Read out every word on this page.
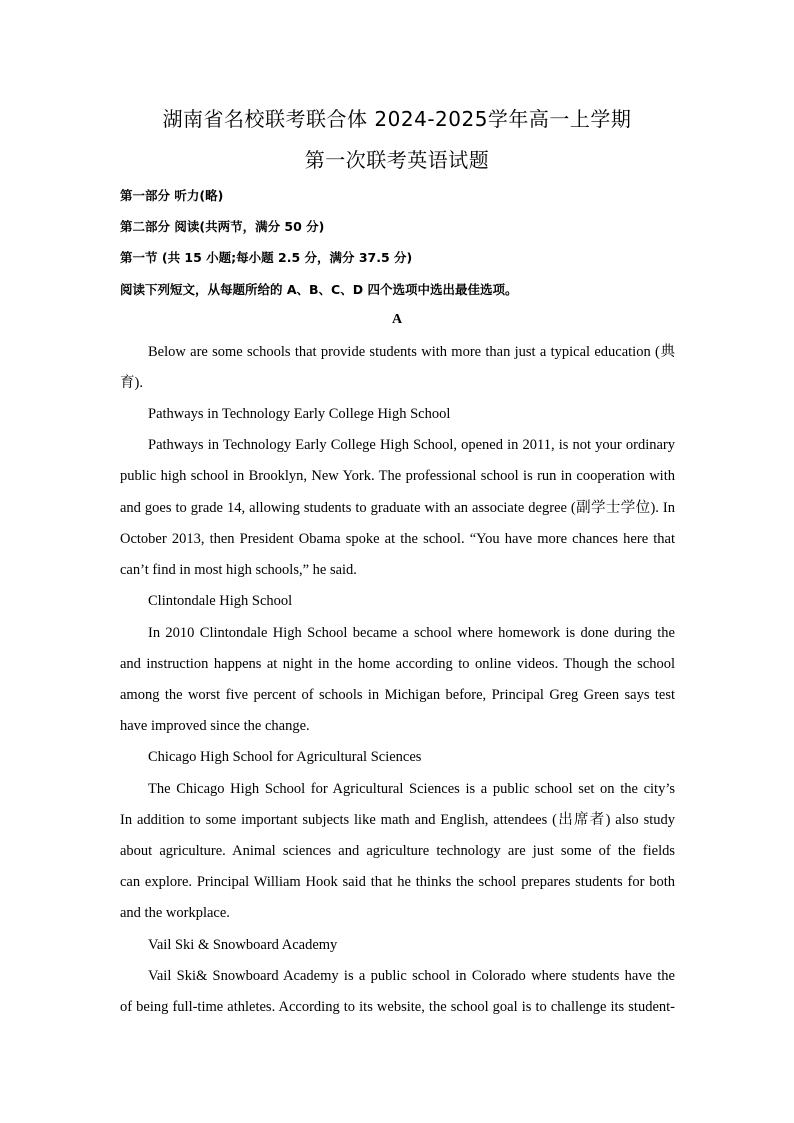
湖南省名校联考联合体 2024-2025学年高一上学期
第一次联考英语试题
第一部分 听力(略)
第二部分 阅读(共两节，满分 50 分)
第一节 (共 15 小题;每小题 2.5 分，满分 37.5 分)
阅读下列短文，从每题所给的 A、B、C、D 四个选项中选出最佳选项。
A
Below are some schools that provide students with more than just a typical education (典
育).
Pathways in Technology Early College High School
Pathways in Technology Early College High School, opened in 2011, is not your ordinary
public high school in Brooklyn, New York. The professional school is run in cooperation with
and goes to grade 14, allowing students to graduate with an associate degree (副学士学位). In
October 2013, then President Obama spoke at the school. “You have more chances here that
can’t find in most high schools,” he said.
Clintondale High School
In 2010 Clintondale High School became a school where homework is done during the
and instruction happens at night in the home according to online videos. Though the school
among the worst five percent of schools in Michigan before, Principal Greg Green says test
have improved since the change.
Chicago High School for Agricultural Sciences
The Chicago High School for Agricultural Sciences is a public school set on the city’s
In addition to some important subjects like math and English, attendees (出席者) also study
about agriculture. Animal sciences and agriculture technology are just some of the fields
can explore. Principal William Hook said that he thinks the school prepares students for both
and the workplace.
Vail Ski & Snowboard Academy
Vail Ski& Snowboard Academy is a public school in Colorado where students have the
of being full-time athletes. According to its website, the school goal is to challenge its student-
